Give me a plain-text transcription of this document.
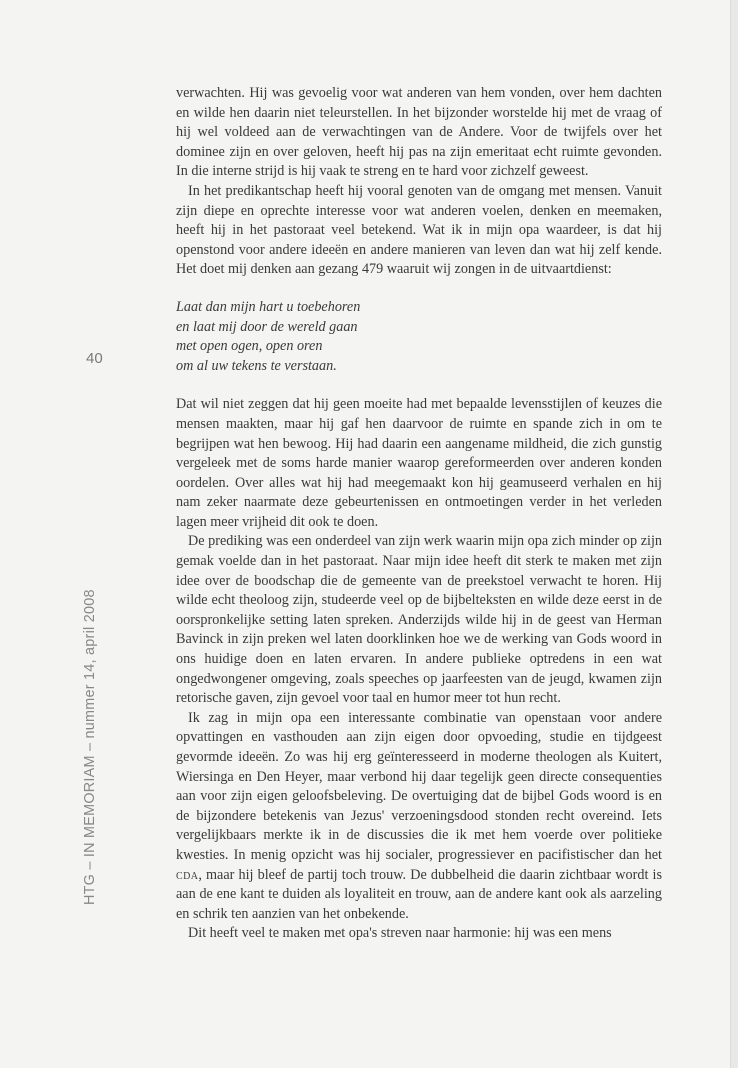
40

HTG – IN MEMORIAM – nummer 14, april 2008

verwachten. Hij was gevoelig voor wat anderen van hem vonden, over hem dachten en wilde hen daarin niet teleurstellen. In het bijzonder worstelde hij met de vraag of hij wel voldeed aan de verwachtingen van de Andere. Voor de twijfels over het dominee zijn en over geloven, heeft hij pas na zijn emeritaat echt ruimte gevonden. In die interne strijd is hij vaak te streng en te hard voor zichzelf geweest.

In het predikantschap heeft hij vooral genoten van de omgang met mensen. Vanuit zijn diepe en oprechte interesse voor wat anderen voelen, denken en meemaken, heeft hij in het pastoraat veel betekend. Wat ik in mijn opa waardeer, is dat hij openstond voor andere ideeën en andere manieren van leven dan wat hij zelf kende. Het doet mij denken aan gezang 479 waaruit wij zongen in de uitvaartdienst:

Laat dan mijn hart u toebehoren
en laat mij door de wereld gaan
met open ogen, open oren
om al uw tekens te verstaan.

Dat wil niet zeggen dat hij geen moeite had met bepaalde levensstijlen of keuzes die mensen maakten, maar hij gaf hen daarvoor de ruimte en spande zich in om te begrijpen wat hen bewoog. Hij had daarin een aangename mildheid, die zich gunstig vergeleek met de soms harde manier waarop gereformeerden over anderen konden oordelen. Over alles wat hij had meegemaakt kon hij geamuseerd verhalen en hij nam zeker naarmate deze gebeurtenissen en ontmoetingen verder in het verleden lagen meer vrijheid dit ook te doen.

De prediking was een onderdeel van zijn werk waarin mijn opa zich minder op zijn gemak voelde dan in het pastoraat. Naar mijn idee heeft dit sterk te maken met zijn idee over de boodschap die de gemeente van de preekstoel verwacht te horen. Hij wilde echt theoloog zijn, studeerde veel op de bijbelteksten en wilde deze eerst in de oorspronkelijke setting laten spreken. Anderzijds wilde hij in de geest van Herman Bavinck in zijn preken wel laten doorklinken hoe we de werking van Gods woord in ons huidige doen en laten ervaren. In andere publieke optredens in een wat ongedwongener omgeving, zoals speeches op jaarfeesten van de jeugd, kwamen zijn retorische gaven, zijn gevoel voor taal en humor meer tot hun recht.

Ik zag in mijn opa een interessante combinatie van openstaan voor andere opvattingen en vasthouden aan zijn eigen door opvoeding, studie en tijdgeest gevormde ideeën. Zo was hij erg geïnteresseerd in moderne theologen als Kuitert, Wiersinga en Den Heyer, maar verbond hij daar tegelijk geen directe consequenties aan voor zijn eigen geloofsbeleving. De overtuiging dat de bijbel Gods woord is en de bijzondere betekenis van Jezus' verzoeningsdood stonden recht overeind. Iets vergelijkbaars merkte ik in de discussies die ik met hem voerde over politieke kwesties. In menig opzicht was hij socialer, progressiever en pacifistischer dan het cda, maar hij bleef de partij toch trouw. De dubbelheid die daarin zichtbaar wordt is aan de ene kant te duiden als loyaliteit en trouw, aan de andere kant ook als aarzeling en schrik ten aanzien van het onbekende.

Dit heeft veel te maken met opa's streven naar harmonie: hij was een mens
